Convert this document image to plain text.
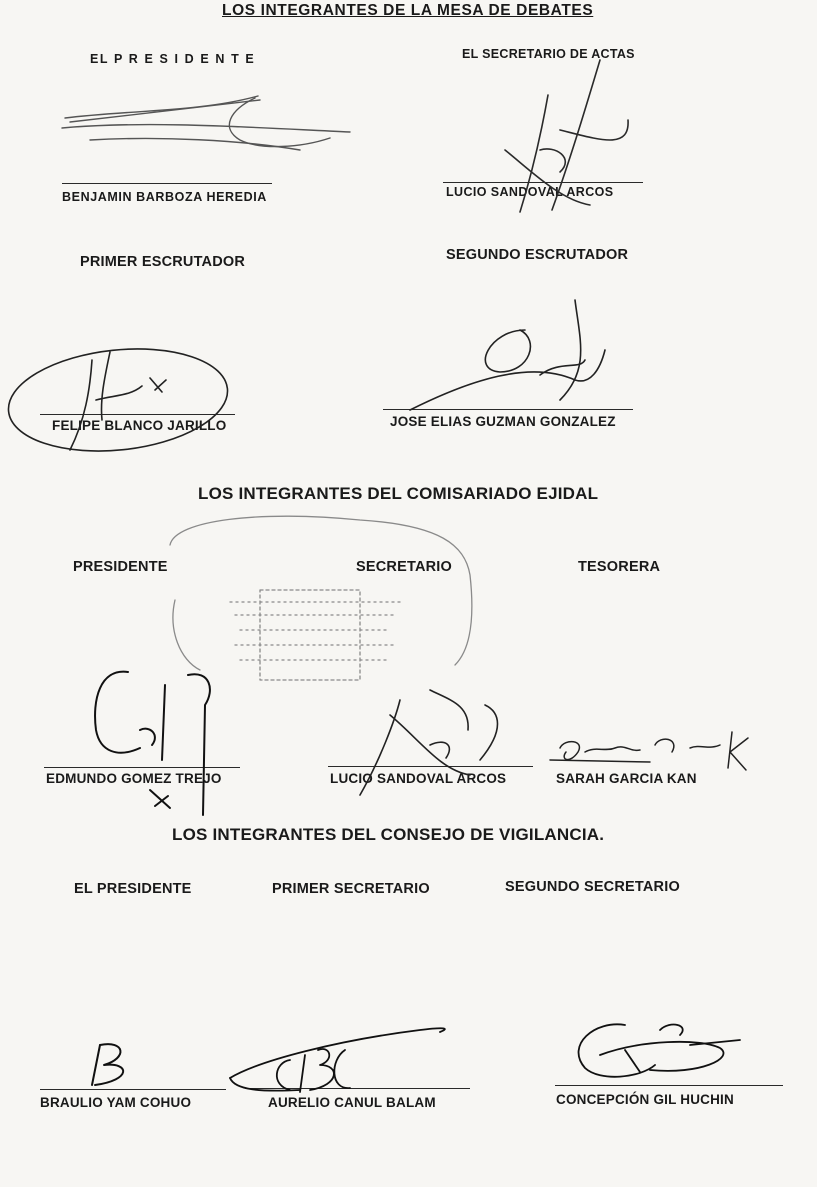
LOS INTEGRANTES DE LA MESA DE DEBATES
EL P R E S I D E N T E	EL SECRETARIO DE ACTAS
BENJAMIN BARBOZA HEREDIA	LUCIO SANDOVAL ARCOS
PRIMER ESCRUTADOR	SEGUNDO ESCRUTADOR
FELIPE BLANCO JARILLO	JOSE ELIAS GUZMAN GONZALEZ
LOS INTEGRANTES DEL COMISARIADO EJIDAL
PRESIDENTE	SECRETARIO	TESORERA
EDMUNDO GOMEZ TREJO	LUCIO SANDOVAL ARCOS	SARAH GARCIA KAN
LOS INTEGRANTES DEL CONSEJO DE VIGILANCIA.
EL PRESIDENTE	PRIMER SECRETARIO	SEGUNDO SECRETARIO
BRAULIO YAM COHUO	AURELIO CANUL BALAM	CONCEPCIÓN GIL HUCHIN
